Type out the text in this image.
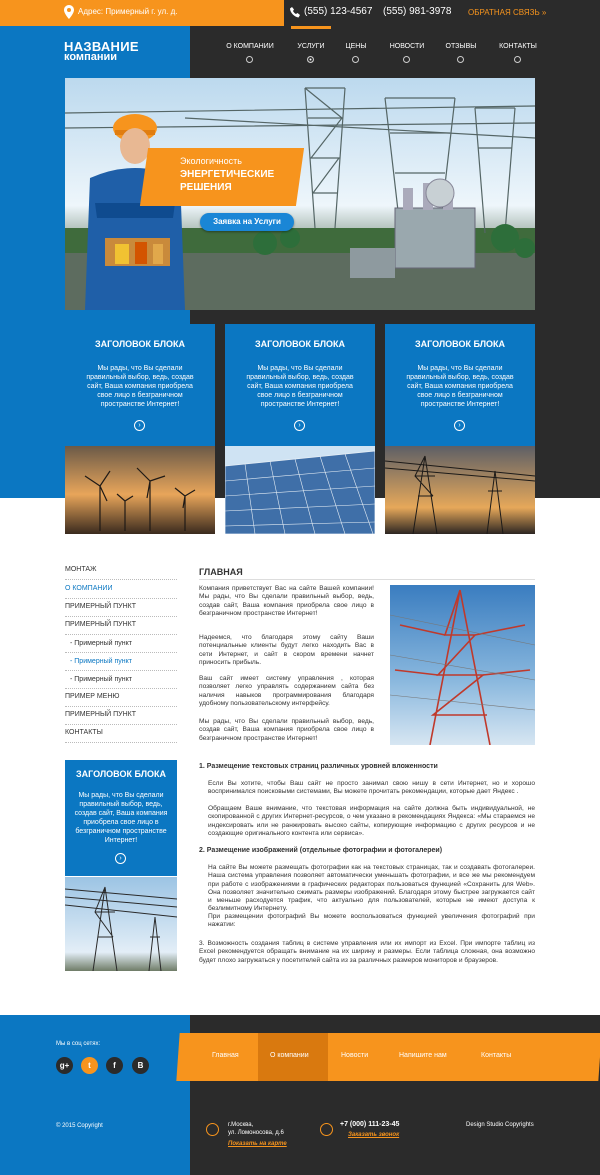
Адрес: Примерный г. ул. д.	(555) 123-4567 (555) 981-3978 ОБРАТНАЯ СВЯЗЬ »
НАЗВАНИЕ
компании
О КОМПАНИИ	УСЛУГИ	ЦЕНЫ	НОВОСТИ	ОТЗЫВЫ	КОНТАКТЫ
Экологичность
ЭНЕРГЕТИЧЕСКИЕ
РЕШЕНИЯ
Заявка на Услуги
ЗАГОЛОВОК БЛОКА
Мы рады, что Вы сделали правильный выбор, ведь, создав сайт, Ваша компания приобрела свое лицо в безграничном пространстве Интернет!
›
ЗАГОЛОВОК БЛОКА
Мы рады, что Вы сделали правильный выбор, ведь, создав сайт, Ваша компания приобрела свое лицо в безграничном пространстве Интернет!
›
ЗАГОЛОВОК БЛОКА
Мы рады, что Вы сделали правильный выбор, ведь, создав сайт, Ваша компания приобрела свое лицо в безграничном пространстве Интернет!
›
МОНТАЖ
О КОМПАНИИ
ПРИМЕРНЫЙ ПУНКТ
ПРИМЕРНЫЙ ПУНКТ
- Примерный пункт
- Примерный пункт
- Примерный пункт
ПРИМЕР МЕНЮ
ПРИМЕРНЫЙ ПУНКТ
КОНТАКТЫ
ЗАГОЛОВОК БЛОКА
Мы рады, что Вы сделали правильный выбор, ведь, создав сайт, Ваша компания приобрела свое лицо в безграничном пространстве Интернет!
›
ГЛАВНАЯ
Компания приветствует Вас на сайте Вашей компании! Мы рады, что Вы сделали правильный выбор, ведь, создав сайт, Ваша компания приобрела свое лицо в безграничном пространстве Интернет!
Надеемся, что благодаря этому сайту Ваши потенциальные клиенты будут легко находить Вас в сети Интернет, и сайт в скором времени начнет приносить прибыль.
Ваш сайт имеет систему управления , которая позволяет легко управлять содержанием сайта без наличия навыков программирования благодаря удобному пользовательскому интерфейсу.
Мы рады, что Вы сделали правильный выбор, ведь, создав сайт, Ваша компания приобрела свое лицо в безграничном пространстве Интернет!
1. Размещение текстовых страниц различных уровней вложенности
Если Вы хотите, чтобы Ваш сайт не просто занимал свою нишу в сети Интернет, но и хорошо воспринимался поисковыми системами, Вы можете прочитать рекомендации, которые дает Яндекс .
Обращаем Ваше внимание, что текстовая информация на сайте должна быть индивидуальной, не скопированной с других Интернет-ресурсов, о чем указано в рекомендациях Яндекса: «Мы стараемся не индексировать или не ранжировать высоко сайты, копирующие информацию с других ресурсов и не создающие оригинального контента или сервиса».
2. Размещение изображений (отдельные фотографии и фотогалереи)
На сайте Вы можете размещать фотографии как на текстовых страницах, так и создавать фотогалереи. Наша система управления позволяет автоматически уменьшать фотографии, и все же мы рекомендуем при работе с изображениями в графических редакторах пользоваться функцией «Сохранить для Web». Она позволяет значительно сжимать размеры изображений. Благодаря этому быстрее загружается сайт и меньше расходуется трафик, что актуально для пользователей, которые не имеют доступа к безлимитному Интернету.
При размещении фотографий Вы можете воспользоваться функцией увеличения фотографий при нажатии:
3. Возможность создания таблиц в системе управления или их импорт из Excel. При импорте таблиц из Excel рекомендуется обращать внимание на их ширину и размеры. Если таблица сложная, она возможно будет плохо загружаться у посетителей сайта из за различных размеров мониторов и браузеров.
Главная	О компании	Новости	Напишите нам	Контакты
Мы в соц сетях:
g+	t	f	B
© 2015 Copyright	г.Москва,
ул. Ломоносова, д.6
Показать на карте
+7 (000) 111-23-45
Заказать звонок
Design Studio Copyrights
